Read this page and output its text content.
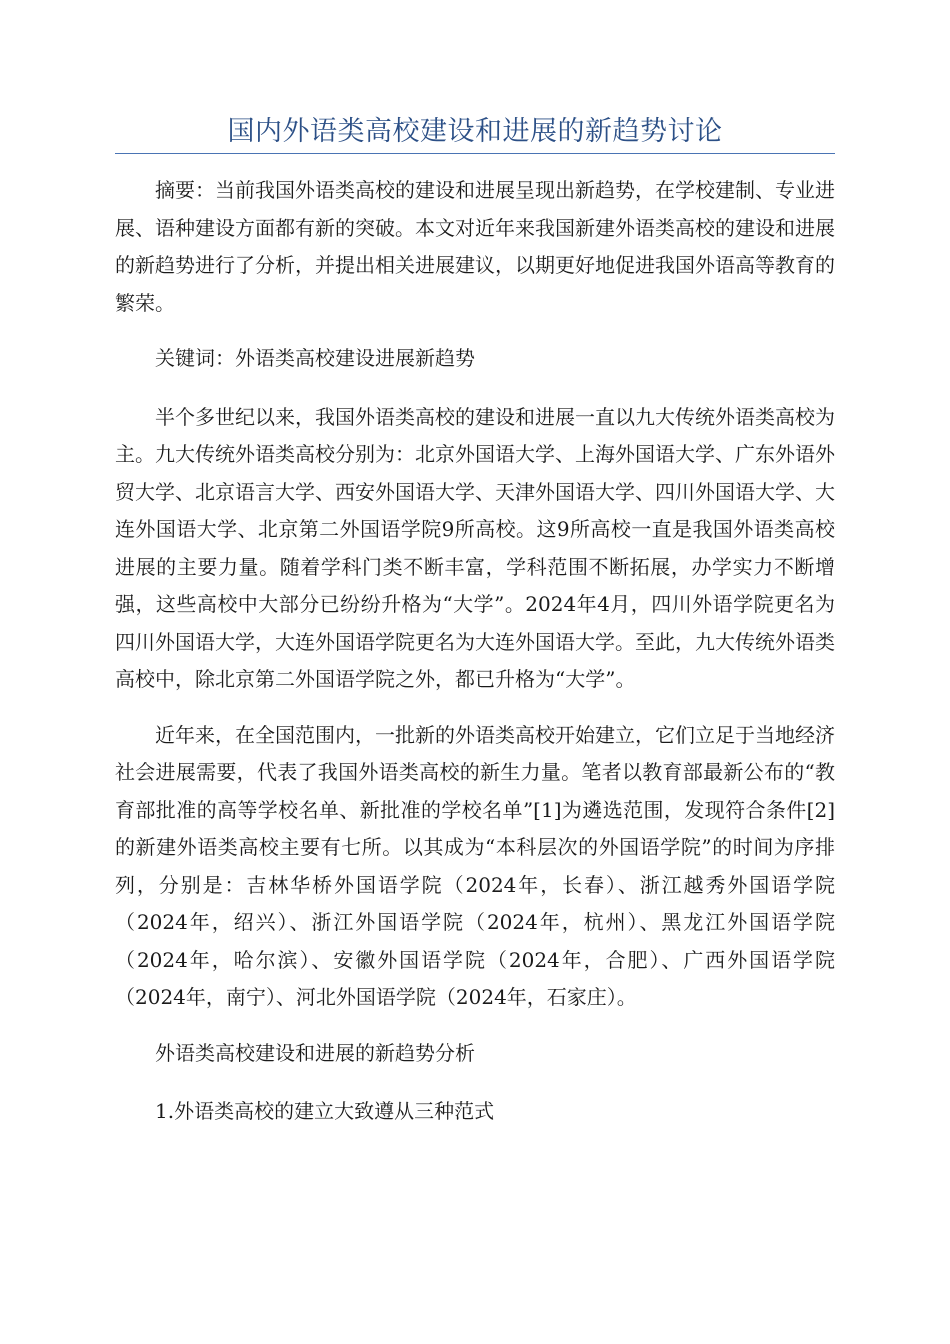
国内外语类高校建设和进展的新趋势讨论

摘要：当前我国外语类高校的建设和进展呈现出新趋势，在学校建制、专业进展、语种建设方面都有新的突破。本文对近年来我国新建外语类高校的建设和进展的新趋势进行了分析，并提出相关进展建议，以期更好地促进我国外语高等教育的繁荣。

关键词：外语类高校建设进展新趋势

半个多世纪以来，我国外语类高校的建设和进展一直以九大传统外语类高校为主。九大传统外语类高校分别为：北京外国语大学、上海外国语大学、广东外语外贸大学、北京语言大学、西安外国语大学、天津外国语大学、四川外国语大学、大连外国语大学、北京第二外国语学院9所高校。这9所高校一直是我国外语类高校进展的主要力量。随着学科门类不断丰富，学科范围不断拓展，办学实力不断增强，这些高校中大部分已纷纷升格为“大学”。2024年4月，四川外语学院更名为四川外国语大学，大连外国语学院更名为大连外国语大学。至此，九大传统外语类高校中，除北京第二外国语学院之外，都已升格为“大学”。

近年来，在全国范围内，一批新的外语类高校开始建立，它们立足于当地经济社会进展需要，代表了我国外语类高校的新生力量。笔者以教育部最新公布的“教育部批准的高等学校名单、新批准的学校名单”[1]为遴选范围，发现符合条件[2]的新建外语类高校主要有七所。以其成为“本科层次的外国语学院”的时间为序排列，分别是：吉林华桥外国语学院（2024年，长春）、浙江越秀外国语学院（2024年，绍兴）、浙江外国语学院（2024年，杭州）、黑龙江外国语学院（2024年，哈尔滨）、安徽外国语学院（2024年，合肥）、广西外国语学院（2024年，南宁）、河北外国语学院（2024年，石家庄）。

外语类高校建设和进展的新趋势分析

1.外语类高校的建立大致遵从三种范式
